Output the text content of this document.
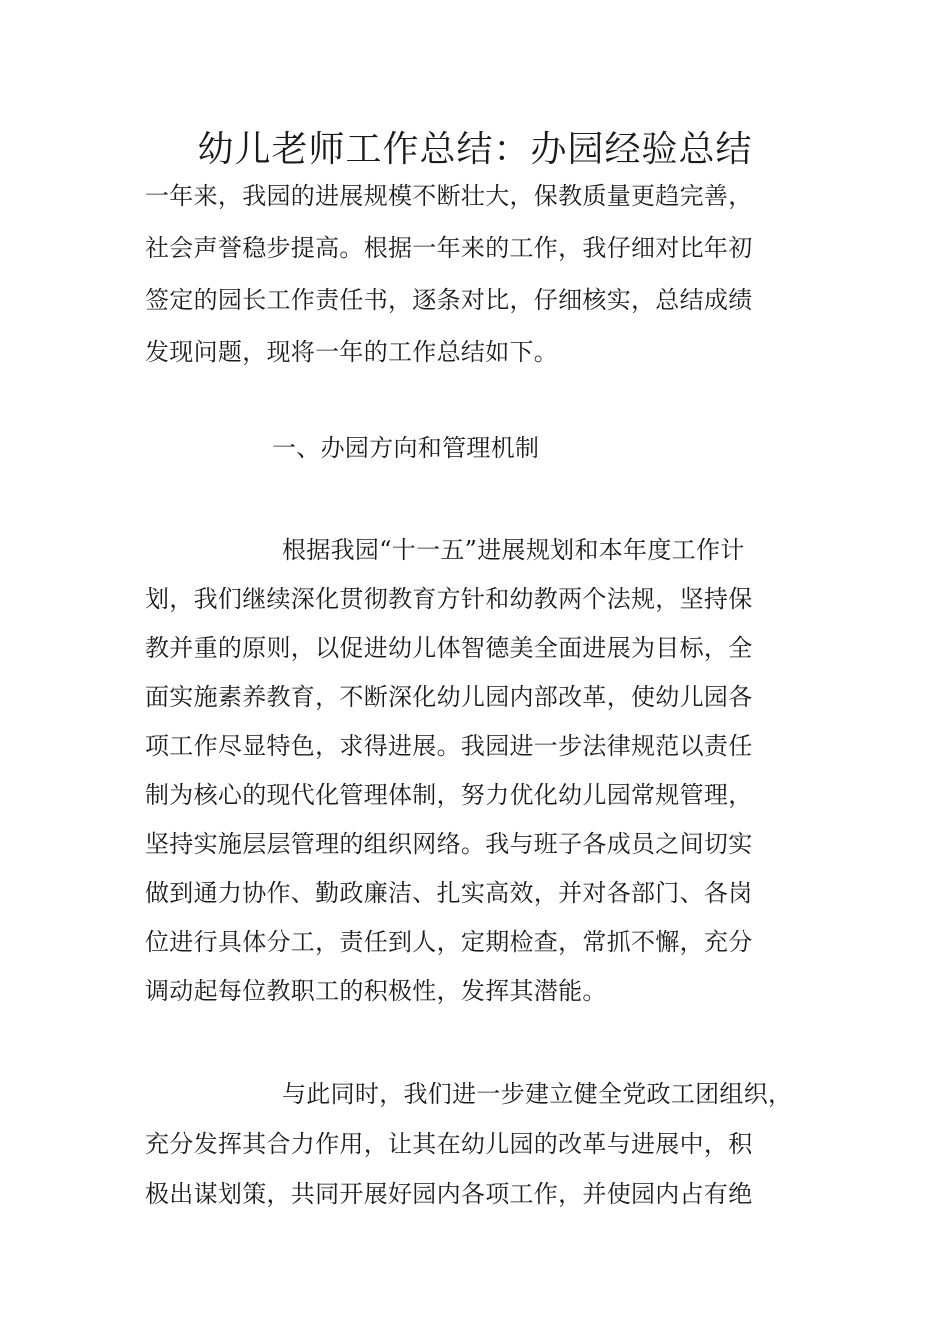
幼儿老师工作总结：办园经验总结

一年来，我园的进展规模不断壮大，保教质量更趋完善，

社会声誉稳步提高。根据一年来的工作，我仔细对比年初

签定的园长工作责任书，逐条对比，仔细核实，总结成绩

发现问题，现将一年的工作总结如下。

一、办园方向和管理机制

根据我园“十一五”进展规划和本年度工作计

划，我们继续深化贯彻教育方针和幼教两个法规，坚持保

教并重的原则，以促进幼儿体智德美全面进展为目标，全

面实施素养教育，不断深化幼儿园内部改革，使幼儿园各

项工作尽显特色，求得进展。我园进一步法律规范以责任

制为核心的现代化管理体制，努力优化幼儿园常规管理，

坚持实施层层管理的组织网络。我与班子各成员之间切实

做到通力协作、勤政廉洁、扎实高效，并对各部门、各岗

位进行具体分工，责任到人，定期检查，常抓不懈，充分

调动起每位教职工的积极性，发挥其潜能。

与此同时，我们进一步建立健全党政工团组织，

充分发挥其合力作用，让其在幼儿园的改革与进展中，积

极出谋划策，共同开展好园内各项工作，并使园内占有绝
